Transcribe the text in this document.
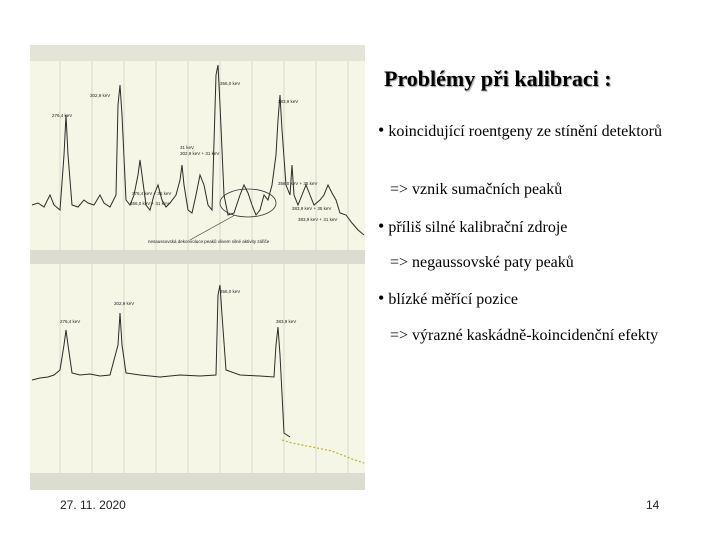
276,4 keV
302,9 keV
356,0 keV
383,9 keV
31 keV
302,9 keV + 31 keV
276,4 keV + 31 keV
356,0 keV + 31 keV
356,0 keV + 35 keV
383,9 keV + 35 keV
383,9 keV + 31 keV
276,4 keV
302,9 keV
356,0 keV
383,9 keV
nesaussovská dekonvoluce peaků vlivem silné aktivity zářiče
Problémy při kalibraci :
• koincidující roentgeny ze stínění detektorů
=> vznik sumačních peaků
• příliš silné kalibrační zdroje
=> negaussovské paty peaků
• blízké měřící pozice
=> výrazné kaskádně-koincidenční efekty
27. 11. 2020	14
